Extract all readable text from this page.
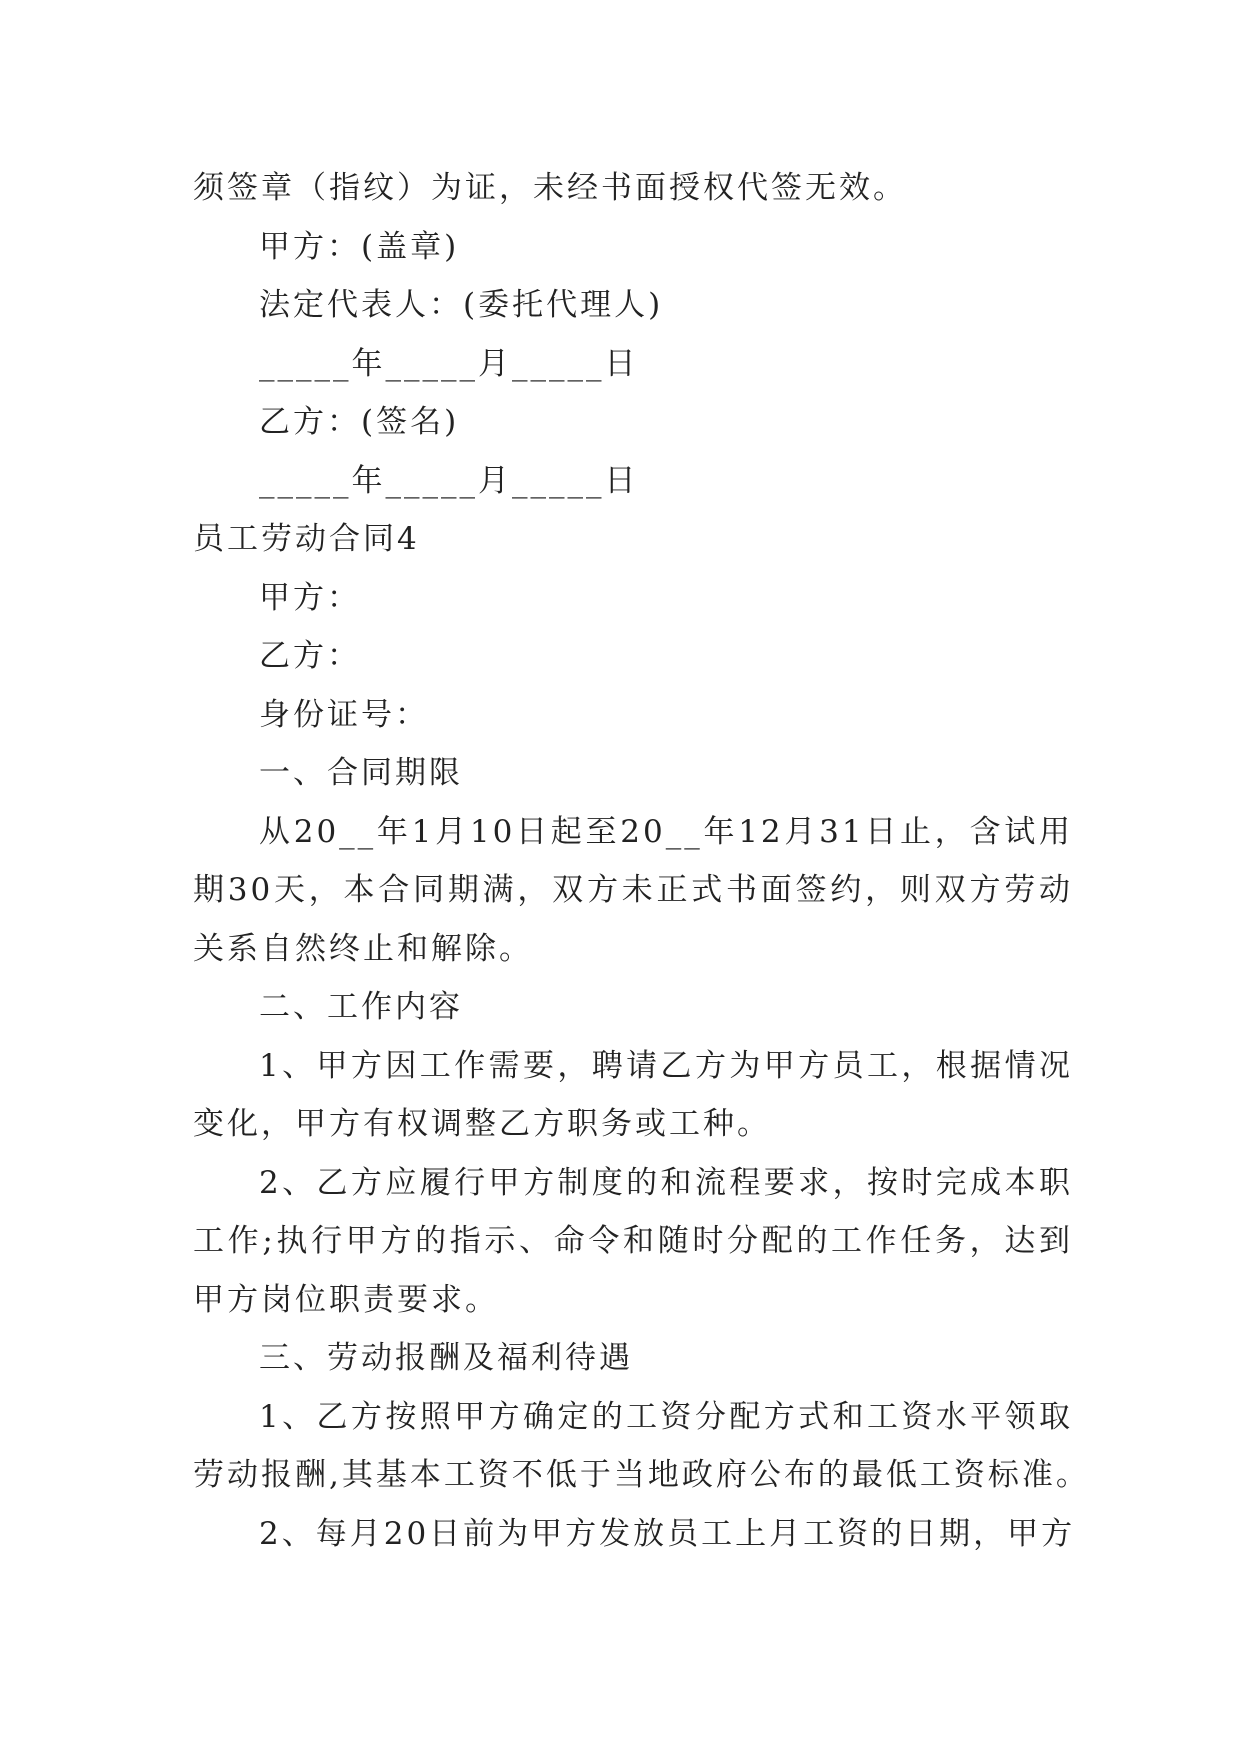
须签章（指纹）为证，未经书面授权代签无效。
甲方：(盖章)
法定代表人：(委托代理人)
_____年_____月_____日
乙方：(签名)
_____年_____月_____日
员工劳动合同4
甲方：
乙方：
身份证号：
一、合同期限
从20__年1月10日起至20__年12月31日止，含试用
期30天，本合同期满，双方未正式书面签约，则双方劳动
关系自然终止和解除。
二、工作内容
1、甲方因工作需要，聘请乙方为甲方员工，根据情况
变化，甲方有权调整乙方职务或工种。
2、乙方应履行甲方制度的和流程要求，按时完成本职
工作;执行甲方的指示、命令和随时分配的工作任务，达到
甲方岗位职责要求。
三、劳动报酬及福利待遇
1、乙方按照甲方确定的工资分配方式和工资水平领取
劳动报酬,其基本工资不低于当地政府公布的最低工资标准。
2、每月20日前为甲方发放员工上月工资的日期，甲方
